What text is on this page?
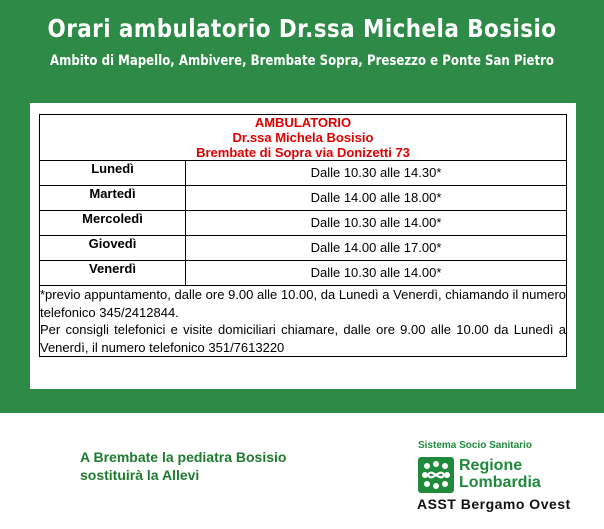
Orari ambulatorio Dr.ssa Michela Bosisio
Ambito di Mapello, Ambivere, Brembate Sopra, Presezzo e Ponte San Pietro
AMBULATORIO
Dr.ssa Michela Bosisio
Brembate di Sopra via Donizetti 73	

Lunedì	Dalle 10.30 alle 14.30*
Martedì	Dalle 14.00 alle 18.00*
Mercoledì	Dalle 10.30 alle 14.00*
Giovedì	Dalle 14.00 alle 17.00*
Venerdì	Dalle 10.30 alle 14.00*

*previo appuntamento, dalle ore 9.00 alle 10.00, da Lunedì a Venerdì, chiamando il numero telefonico 345/2412844.

Per consigli telefonici e visite domiciliari chiamare, dalle ore 9.00 alle 10.00 da Lunedì a Venerdì, il numero telefonico 351/7613220	

A Brembate la pediatra Bosisio
sostituirà la Allevi
Sistema Socio Sanitario
Regione
Lombardia
ASST Bergamo Ovest
